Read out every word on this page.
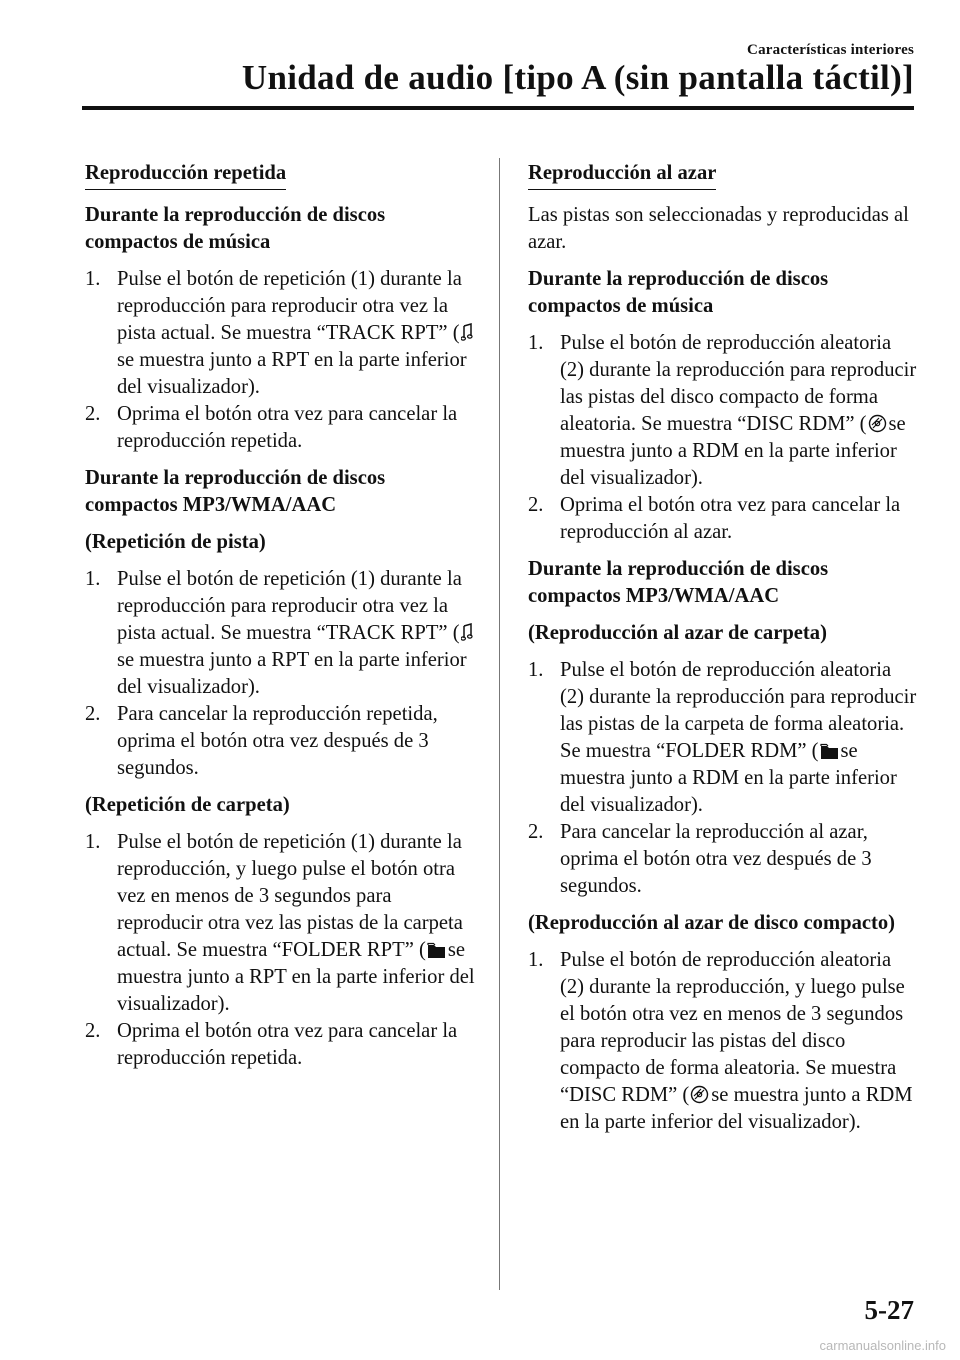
Características interiores
Unidad de audio [tipo A (sin pantalla táctil)]
Reproducción repetida
Durante la reproducción de discos compactos de música
1. Pulse el botón de repetición (1) durante la reproducción para reproducir otra vez la pista actual. Se muestra “TRACK RPT” (se muestra junto a RPT en la parte inferior del visualizador).
2. Oprima el botón otra vez para cancelar la reproducción repetida.
Durante la reproducción de discos compactos MP3/WMA/AAC
(Repetición de pista)
1. Pulse el botón de repetición (1) durante la reproducción para reproducir otra vez la pista actual. Se muestra “TRACK RPT” (se muestra junto a RPT en la parte inferior del visualizador).
2. Para cancelar la reproducción repetida, oprima el botón otra vez después de 3 segundos.
(Repetición de carpeta)
1. Pulse el botón de repetición (1) durante la reproducción, y luego pulse el botón otra vez en menos de 3 segundos para reproducir otra vez las pistas de la carpeta actual. Se muestra “FOLDER RPT” ( se muestra junto a RPT en la parte inferior del visualizador).
2. Oprima el botón otra vez para cancelar la reproducción repetida.
Reproducción al azar
Las pistas son seleccionadas y reproducidas al azar.
Durante la reproducción de discos compactos de música
1. Pulse el botón de reproducción aleatoria (2) durante la reproducción para reproducir las pistas del disco compacto de forma aleatoria. Se muestra “DISC RDM” ( se muestra junto a RDM en la parte inferior del visualizador).
2. Oprima el botón otra vez para cancelar la reproducción al azar.
Durante la reproducción de discos compactos MP3/WMA/AAC
(Reproducción al azar de carpeta)
1. Pulse el botón de reproducción aleatoria (2) durante la reproducción para reproducir las pistas de la carpeta de forma aleatoria. Se muestra “FOLDER RDM” ( se muestra junto a RDM en la parte inferior del visualizador).
2. Para cancelar la reproducción al azar, oprima el botón otra vez después de 3 segundos.
(Reproducción al azar de disco compacto)
1. Pulse el botón de reproducción aleatoria (2) durante la reproducción, y luego pulse el botón otra vez en menos de 3 segundos para reproducir las pistas del disco compacto de forma aleatoria. Se muestra “DISC RDM” ( se muestra junto a RDM en la parte inferior del visualizador).
5-27
carmanualsonline.info
